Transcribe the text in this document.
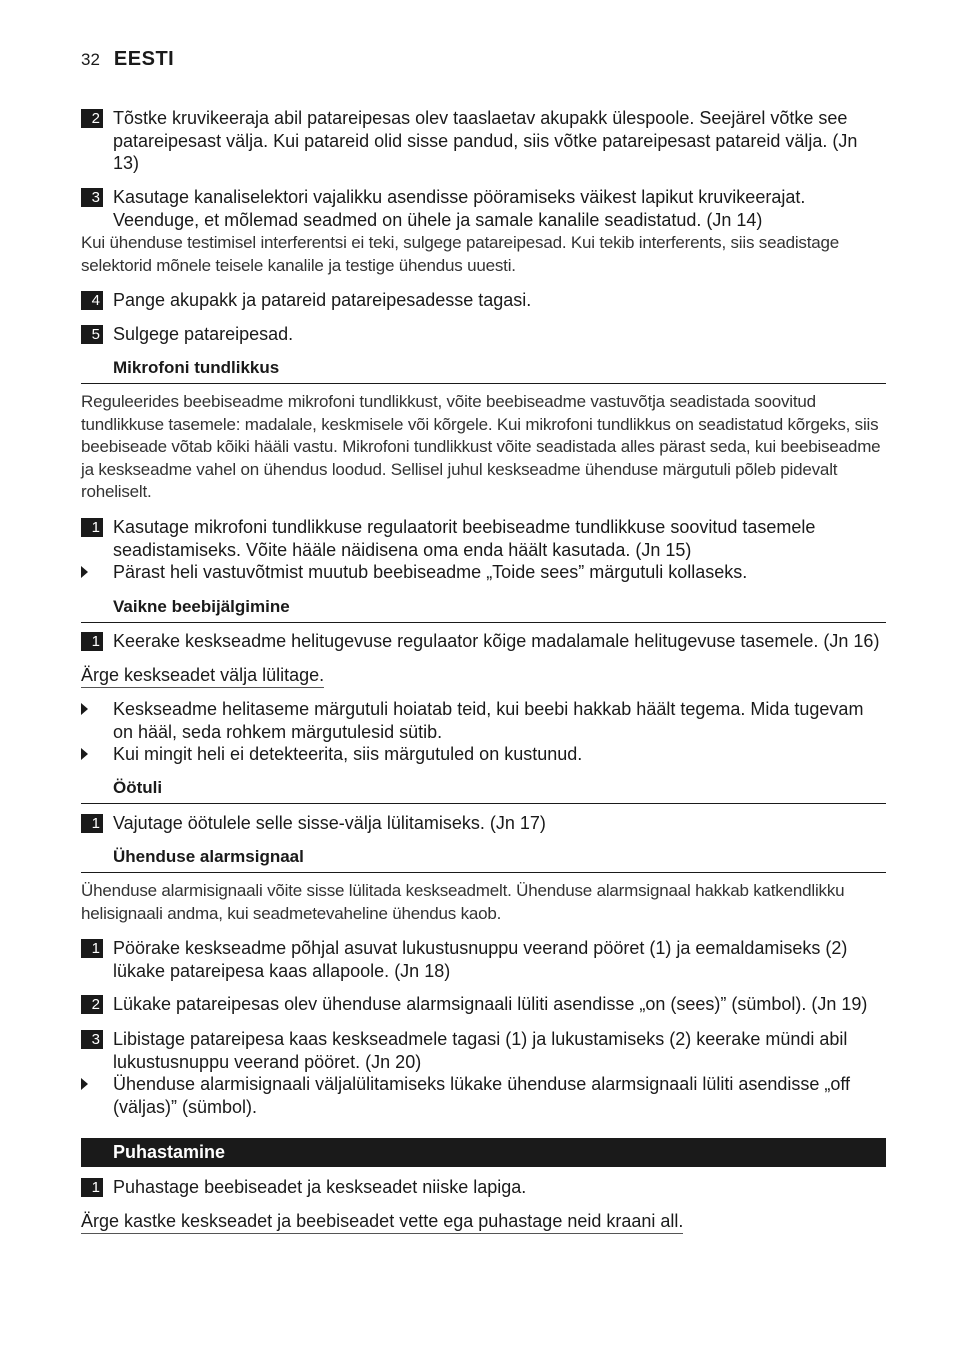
32 EESTI
2 Tõstke kruvikeeraja abil patareipesas olev taaslaetav akupakk ülespoole. Seejärel võtke see patareipesast välja. Kui patareid olid sisse pandud, siis võtke patareipesast patareid välja. (Jn 13)
3 Kasutage kanaliselektori vajalikku asendisse pööramiseks väikest lapikut kruvikeerajat. Veenduge, et mõlemad seadmed on ühele ja samale kanalile seadistatud. (Jn 14)
Kui ühenduse testimisel interferentsi ei teki, sulgege patareipesad. Kui tekib interferents, siis seadistage selektorid mõnele teisele kanalile ja testige ühendus uuesti.
4 Pange akupakk ja patareid patareipesadesse tagasi.
5 Sulgege patareipesad.
Mikrofoni tundlikkus
Reguleerides beebiseadme mikrofoni tundlikkust, võite beebiseadme vastuvõtja seadistada soovitud tundlikkuse tasemele: madalale, keskmisele või kõrgele. Kui mikrofoni tundlikkus on seadistatud kõrgeks, siis beebiseade võtab kõiki hääli vastu. Mikrofoni tundlikkust võite seadistada alles pärast seda, kui beebiseadme ja keskseadme vahel on ühendus loodud. Sellisel juhul keskseadme ühenduse märgutuli põleb pidevalt roheliselt.
1 Kasutage mikrofoni tundlikkuse regulaatorit beebiseadme tundlikkuse soovitud tasemele seadistamiseks. Võite hääle näidisena oma enda häält kasutada. (Jn 15)
Pärast heli vastuvõtmist muutub beebiseadme „Toide sees” märgutuli kollaseks.
Vaikne beebijälgimine
1 Keerake keskseadme helitugevuse regulaator kõige madalamale helitugevuse tasemele. (Jn 16)
Ärge keskseadet välja lülitage.
Keskseadme helitaseme märgutuli hoiatab teid, kui beebi hakkab häält tegema. Mida tugevam on hääl, seda rohkem märgutulesid sütib.
Kui mingit heli ei detekteerita, siis märgutuled on kustunud.
Öötuli
1 Vajutage öötulele selle sisse-välja lülitamiseks. (Jn 17)
Ühenduse alarmsignaal
Ühenduse alarmisignaali võite sisse lülitada keskseadmelt. Ühenduse alarmsignaal hakkab katkendlikku helisignaali andma, kui seadmetevaheline ühendus kaob.
1 Pöörake keskseadme põhjal asuvat lukustusnuppu veerand pööret (1) ja eemaldamiseks (2) lükake patareipesa kaas allapoole. (Jn 18)
2 Lükake patareipesas olev ühenduse alarmsignaali lüliti asendisse „on (sees)” (sümbol). (Jn 19)
3 Libistage patareipesa kaas keskseadmele tagasi (1) ja lukustamiseks (2) keerake mündi abil lukustusnuppu veerand pööret. (Jn 20)
Ühenduse alarmisignaali väljalülitamiseks lükake ühenduse alarmsignaali lüliti asendisse „off (väljas)” (sümbol).
Puhastamine
1 Puhastage beebiseadet ja keskseadet niiske lapiga.
Ärge kastke keskseadet ja beebiseadet vette ega puhastage neid kraani all.
